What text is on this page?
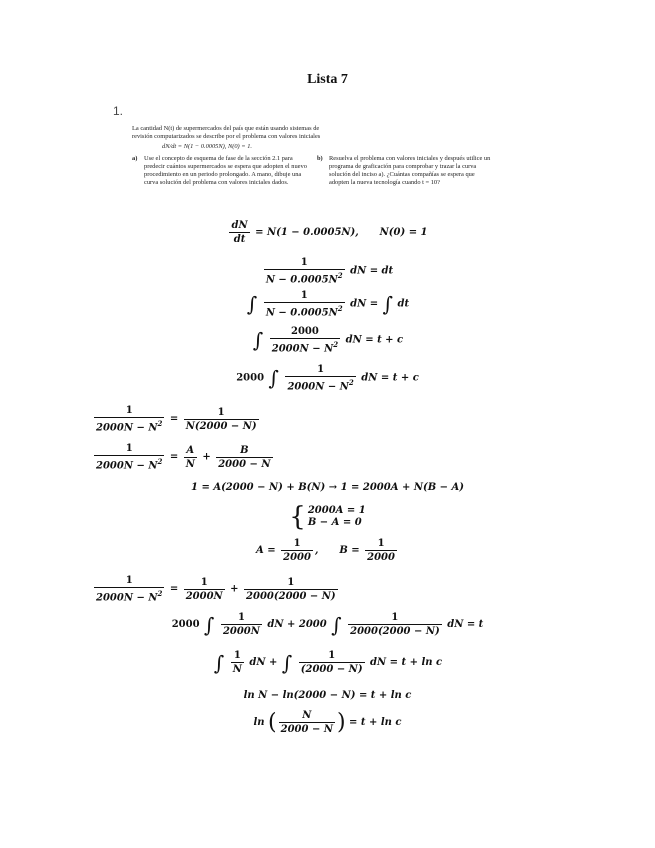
Lista 7
1.
La cantidad N(t) de supermercados del país que están usando sistemas de revisión computarizados se describe por el problema con valores iniciales
dN/dt = N(1 − 0.0005N), N(0) = 1.
a)	Use el concepto de esquema de fase de la sección 2.1 para predecir cuántos supermercados se espera que adopten el nuevo procedimiento en un periodo prolongado. A mano, dibuje una curva solución del problema con valores iniciales dados.
b) Resuelva el problema con valores iniciales y después utilice un programa de graficación para comprobar y trazar la curva solución del inciso a). ¿Cuántas compañías se espera que adopten la nueva tecnología cuando t = 10?
$\frac{dN}{dt} = N(1 - 0.0005N)$, N(0) = 1
$\frac{1}{N - 0.0005N^2}$ dN = dt
∫ $\frac{1}{N - 0.0005N^2}$ dN = ∫ dt
∫ $\frac{2000}{2000N - N^2}$ dN = t + c
2000 ∫ $\frac{1}{2000N - N^2}$ dN = t + c
$\frac{1}{2000N - N^2} = \frac{1}{N(2000 - N)}$
$\frac{1}{2000N - N^2} = \frac{A}{N} + \frac{B}{2000 - N}$
1 = A(2000 − N) + B(N) → 1 = 2000A + N(B − A)
{ 2000A = 1
B − A = 0
$A = \frac{1}{2000}$ , $B = \frac{1}{2000}$
$\frac{1}{2000N - N^2} = \frac{1}{2000N} + \frac{1}{2000(2000 - N)}$
2000 ∫ $\frac{1}{2000N}$ dN + 2000 ∫ $\frac{1}{2000(2000 - N)}$ dN = t
∫ $\frac{1}{N}$ dN + ∫ $\frac{1}{(2000 - N)}$ dN = t + ln c
ln N − ln(2000 − N) = t + ln c
ln ( $\frac{N}{2000 - N}$ ) = t + ln c
